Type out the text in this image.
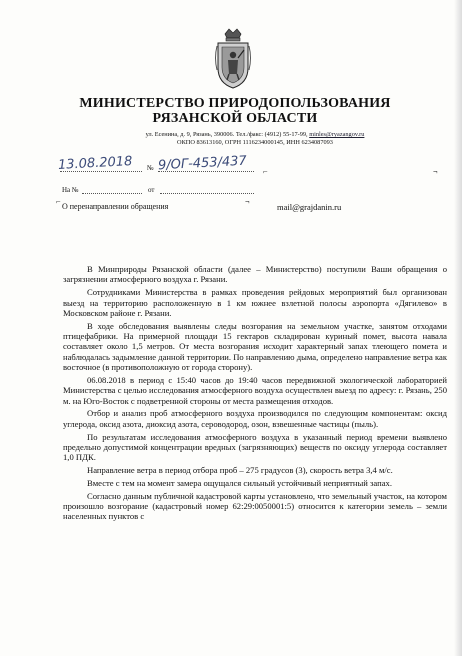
МИНИСТЕРСТВО ПРИРОДОПОЛЬЗОВАНИЯ
РЯЗАНСКОЙ ОБЛАСТИ
ул. Есенина, д. 9, Рязань, 390006. Тел./факс: (4912) 55-17-99, minles@ryazangov.ru
ОКПО 83613160, ОГРН 1116234000145, ИНН 6234087093
№
13.08.2018 9/ОГ-453/437
На №	от
⌐	¬
⌐	¬
О перенаправлении обращения	mail@grajdanin.ru

В Минприроды Рязанской области (далее – Министерство) поступили Ваши обращения о загрязнении атмосферного воздуха г. Рязани.

Сотрудниками Министерства в рамках проведения рейдовых мероприятий был организован выезд на территорию расположенную в 1 км южнее взлетной полосы аэропорта «Дягилево» в Московском районе г. Рязани.

В ходе обследования выявлены следы возгорания на земельном участке, занятом отходами птицефабрики. На примерной площади 15 гектаров складирован куриный помет, высота навала составляет около 1,5 метров. От места возгорания исходит характерный запах тлеющего помета и наблюдалась задымление данной территории. По направлению дыма, определено направление ветра как восточное (в противоположную от города сторону).

06.08.2018 в период с 15:40 часов до 19:40 часов передвижной экологической лабораторией Министерства с целью исследования атмосферного воздуха осуществлен выезд по адресу: г. Рязань, 250 м. на Юго-Восток с подветренной стороны от места размещения отходов.

Отбор и анализ проб атмосферного воздуха производился по следующим компонентам: оксид углерода, оксид азота, диоксид азота, сероводород, озон, взвешенные частицы (пыль).

По результатам исследования атмосферного воздуха в указанный период времени выявлено предельно допустимой концентрации вредных (загрязняющих) веществ по оксиду углерода составляет 1,0 ПДК.

Направление ветра в период отбора проб – 275 градусов (3), скорость ветра 3,4 м/с.

Вместе с тем на момент замера ощущался сильный устойчивый неприятный запах.

Согласно данным публичной кадастровой карты установлено, что земельный участок, на котором произошло возгорание (кадастровый номер 62:29:0050001:5) относится к категории земель – земли населенных пунктов с
